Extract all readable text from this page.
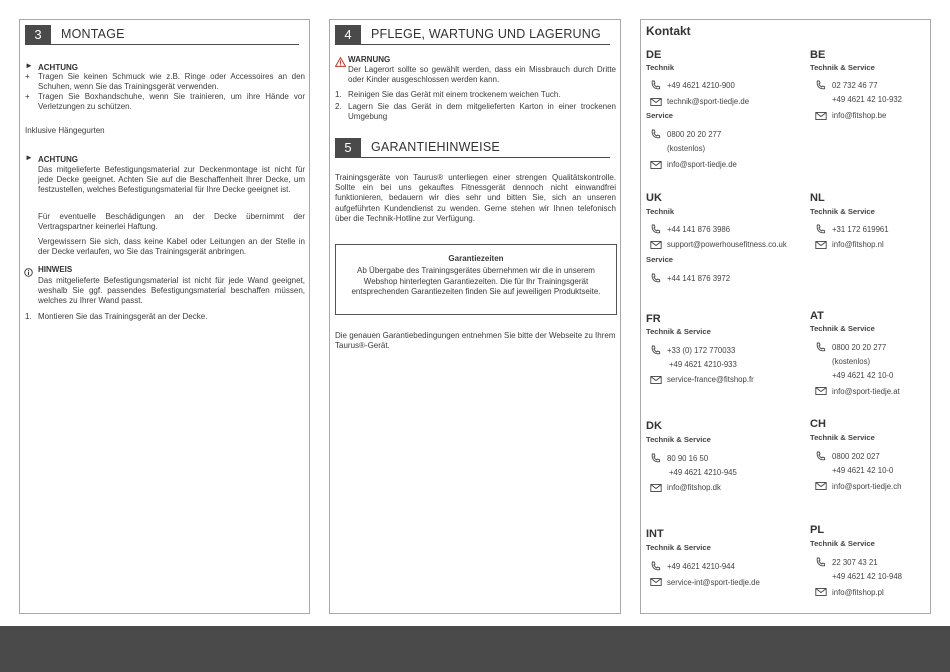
3	MONTAGE
► ACHTUNG
+ Tragen Sie keinen Schmuck wie z.B. Ringe oder Accessoires an den Schuhen, wenn Sie das Trainingsgerät verwenden.
+ Tragen Sie Boxhandschuhe, wenn Sie trainieren, um ihre Hände vor Verletzungen zu schützen.
Inklusive Hängegurten
► ACHTUNG
Das mitgelieferte Befestigungsmaterial zur Deckenmontage ist nicht für jede Decke geeignet. Achten Sie auf die Beschaffenheit Ihrer Decke, um festzustellen, welches Befestigungsmaterial für Ihre Decke geeignet ist.
Für eventuelle Beschädigungen an der Decke übernimmt der Vertragspartner keinerlei Haftung.
Vergewissern Sie sich, dass keine Kabel oder Leitungen an der Stelle in der Decke verlaufen, wo Sie das Trainingsgerät anbringen.
HINWEIS
Das mitgelieferte Befestigungsmaterial ist nicht für jede Wand geeignet, weshalb Sie ggf. passendes Befestigungsmaterial beschaffen müssen, welches zu Ihrer Wand passt.
1. Montieren Sie das Trainingsgerät an der Decke.
4	PFLEGE, WARTUNG UND LAGERUNG
WARNUNG
Der Lagerort sollte so gewählt werden, dass ein Missbrauch durch Dritte oder Kinder ausgeschlossen werden kann.
1. Reinigen Sie das Gerät mit einem trockenem weichen Tuch.
2. Lagern Sie das Gerät in dem mitgelieferten Karton in einer trockenen Umgebung
5	GARANTIEHINWEISE
Trainingsgeräte von Taurus® unterliegen einer strengen Qualitätskontrolle. Sollte ein bei uns gekauftes Fitnessgerät dennoch nicht einwandfrei funktionieren, bedauern wir dies sehr und bitten Sie, sich an unseren aufgeführten Kundendienst zu wenden. Gerne stehen wir Ihnen telefonisch über die Technik-Hotline zur Verfügung.
Garantiezeiten
Ab Übergabe des Trainingsgerätes übernehmen wir die in unserem Webshop hinterlegten Garantiezeiten. Die für Ihr Trainingsgerät entsprechenden Garantiezeiten finden Sie auf jeweiligen Produktseite.
Die genauen Garantiebedingungen entnehmen Sie bitte der Webseite zu Ihrem Taurus®-Gerät.
Kontakt
DE
Technik
+49 4621 4210-900
technik@sport-tiedje.de
Service
0800 20 20 277
(kostenlos)
info@sport-tiedje.de
BE
Technik & Service
02 732 46 77
+49 4621 42 10-932
info@fitshop.be
UK
Technik
+44 141 876 3986
support@powerhousefitness.co.uk
Service
+44 141 876 3972
NL
Technik & Service
+31 172 619961
info@fitshop.nl
FR
Technik & Service
+33 (0) 172 770033
+49 4621 4210-933
service-france@fitshop.fr
AT
Technik & Service
0800 20 20 277
(kostenlos)
+49 4621 42 10-0
info@sport-tiedje.at
DK
Technik & Service
80 90 16 50
+49 4621 4210-945
info@fitshop.dk
CH
Technik & Service
0800 202 027
+49 4621 42 10-0
info@sport-tiedje.ch
INT
Technik & Service
+49 4621 4210-944
service-int@sport-tiedje.de
PL
Technik & Service
22 307 43 21
+49 4621 42 10-948
info@fitshop.pl
